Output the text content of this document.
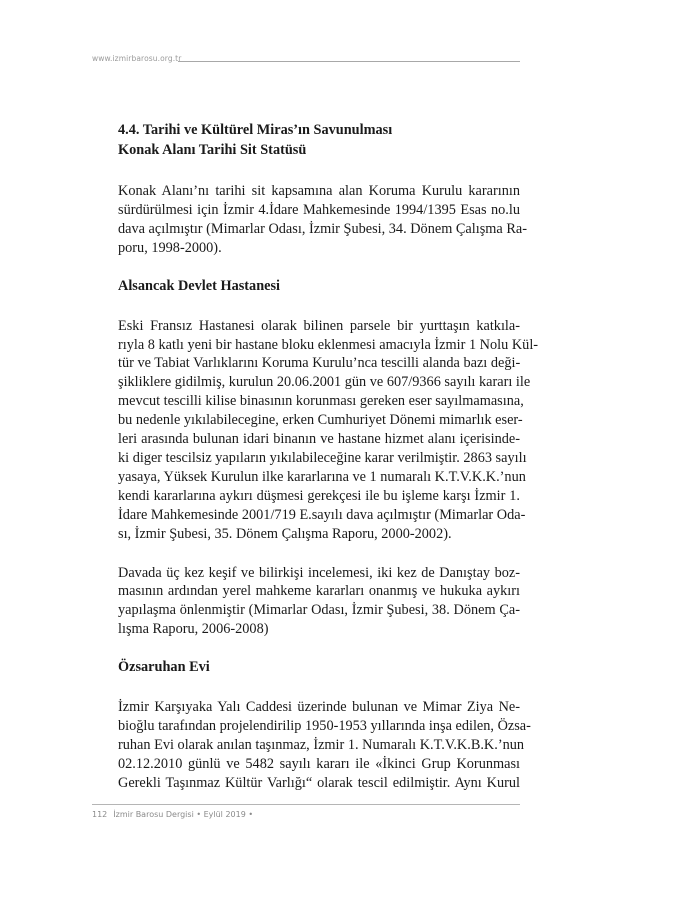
www.izmirbarosu.org.tr
4.4. Tarihi ve Kültürel Miras’ın Savunulması
Konak Alanı Tarihi Sit Statüsü
Konak Alanı’nı tarihi sit kapsamına alan Koruma Kurulu kararının
sürdürülmesi için İzmir 4.İdare Mahkemesinde 1994/1395 Esas no.lu
dava açılmıştır (Mimarlar Odası, İzmir Şubesi, 34. Dönem Çalışma Ra-
poru, 1998-2000).
Alsancak Devlet Hastanesi
Eski Fransız Hastanesi olarak bilinen parsele bir yurttaşın katkıla-
rıyla 8 katlı yeni bir hastane bloku eklenmesi amacıyla İzmir 1 Nolu Kül-
tür ve Tabiat Varlıklarını Koruma Kurulu’nca tescilli alanda bazı deği-
şikliklere gidilmiş, kurulun 20.06.2001 gün ve 607/9366 sayılı kararı ile
mevcut tescilli kilise binasının korunması gereken eser sayılmamasına,
bu nedenle yıkılabilecegine, erken Cumhuriyet Dönemi mimarlık eser-
leri arasında bulunan idari binanın ve hastane hizmet alanı içerisinde-
ki diger tescilsiz yapıların yıkılabileceğine karar verilmiştir. 2863 sayılı
yasaya, Yüksek Kurulun ilke kararlarına ve 1 numaralı K.T.V.K.K.’nun
kendi kararlarına aykırı düşmesi gerekçesi ile bu işleme karşı İzmir 1.
İdare Mahkemesinde 2001/719 E.sayılı dava açılmıştır (Mimarlar Oda-
sı, İzmir Şubesi, 35. Dönem Çalışma Raporu, 2000-2002).
Davada üç kez keşif ve bilirkişi incelemesi, iki kez de Danıştay boz-
masının ardından yerel mahkeme kararları onanmış ve hukuka aykırı
yapılaşma önlenmiştir (Mimarlar Odası, İzmir Şubesi, 38. Dönem Ça-
lışma Raporu, 2006-2008)
Özsaruhan Evi
İzmir Karşıyaka Yalı Caddesi üzerinde bulunan ve Mimar Ziya Ne-
bioğlu tarafından projelendirilip 1950-1953 yıllarında inşa edilen, Özsa-
ruhan Evi olarak anılan taşınmaz, İzmir 1. Numaralı K.T.V.K.B.K.’nun
02.12.2010 günlü ve 5482 sayılı kararı ile «İkinci Grup Korunması
Gerekli Taşınmaz Kültür Varlığı“ olarak tescil edilmiştir. Aynı Kurul
112 İzmir Barosu Dergisi • Eylül 2019 •
